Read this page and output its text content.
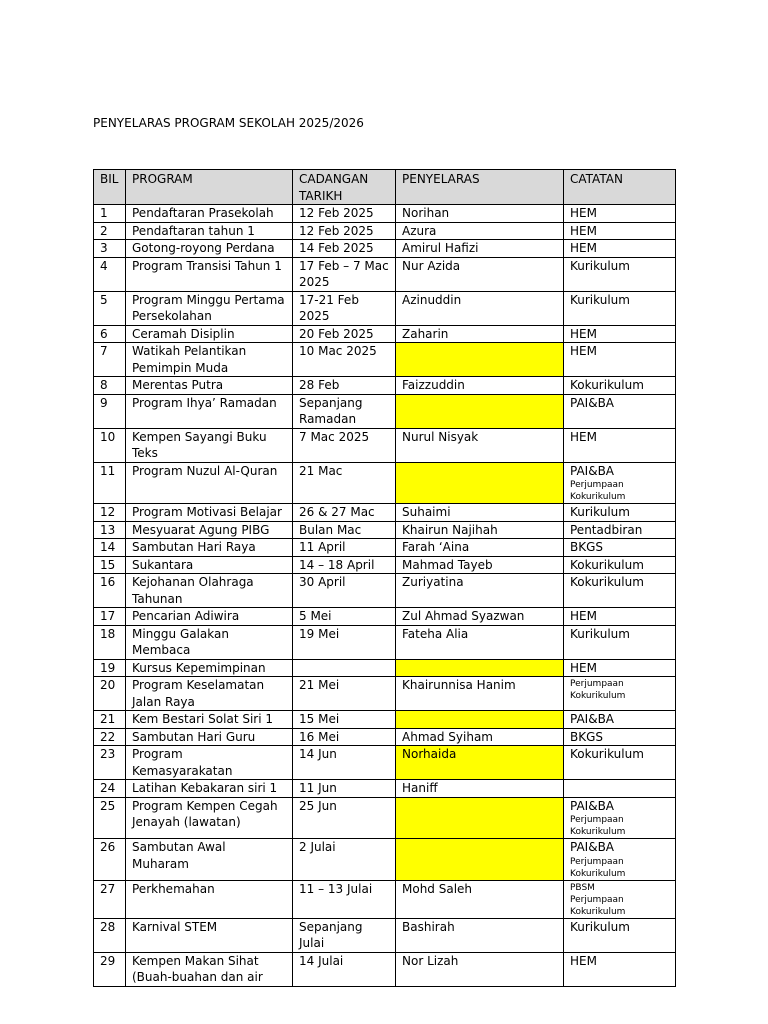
PENYELARAS PROGRAM SEKOLAH 2025/2026
BIL	PROGRAM	CADANGAN TARIKH	PENYELARAS	CATATAN
1	Pendaftaran Prasekolah	12 Feb 2025	Norihan	HEM

2	Pendaftaran tahun 1	12 Feb 2025	Azura	HEM

3	Gotong-royong Perdana	14 Feb 2025	Amirul Hafizi	HEM

4	Program Transisi Tahun 1	17 Feb – 7 Mac 2025	Nur Azida	Kurikulum

5	Program Minggu Pertama Persekolahan	17-21 Feb 2025	Azinuddin	Kurikulum

6	Ceramah Disiplin	20 Feb 2025	Zaharin	HEM

7	Watikah Pelantikan Pemimpin Muda	10 Mac 2025		HEM

8	Merentas Putra	28 Feb	Faizzuddin	Kokurikulum

9	Program Ihya’ Ramadan	Sepanjang Ramadan		PAI&BA

10	Kempen Sayangi Buku Teks	7 Mac 2025	Nurul Nisyak	HEM

11	Program Nuzul Al-Quran	21 Mac		PAI&BA
Perjumpaan
Kokurikulum

12	Program Motivasi Belajar	26 & 27 Mac	Suhaimi	Kurikulum

13	Mesyuarat Agung PIBG	Bulan Mac	Khairun Najihah	Pentadbiran

14	Sambutan Hari Raya	11 April	Farah ‘Aina	BKGS

15	Sukantara	14 – 18 April	Mahmad Tayeb	Kokurikulum

16	Kejohanan Olahraga Tahunan	30 April	Zuriyatina	Kokurikulum

17	Pencarian Adiwira	5 Mei	Zul Ahmad Syazwan	HEM

18	Minggu Galakan Membaca	19 Mei	Fateha Alia	Kurikulum

19	Kursus Kepemimpinan			HEM

20	Program Keselamatan Jalan Raya	21 Mei	Khairunnisa Hanim	Perjumpaan
Kokurikulum

21	Kem Bestari Solat Siri 1	15 Mei		PAI&BA

22	Sambutan Hari Guru	16 Mei	Ahmad Syiham	BKGS

23	Program Kemasyarakatan	14 Jun	Norhaida	Kokurikulum

24	Latihan Kebakaran siri 1	11 Jun	Haniff	
25	Program Kempen Cegah Jenayah (lawatan)	25 Jun		PAI&BA
Perjumpaan
Kokurikulum

26	Sambutan Awal Muharam	2 Julai		PAI&BA
Perjumpaan
Kokurikulum

27	Perkhemahan	11 – 13 Julai	Mohd Saleh	PBSM
Perjumpaan
Kokurikulum

28	Karnival STEM	Sepanjang Julai	Bashirah	Kurikulum

29	Kempen Makan Sihat (Buah-buahan dan air	14 Julai	Nor Lizah	HEM
